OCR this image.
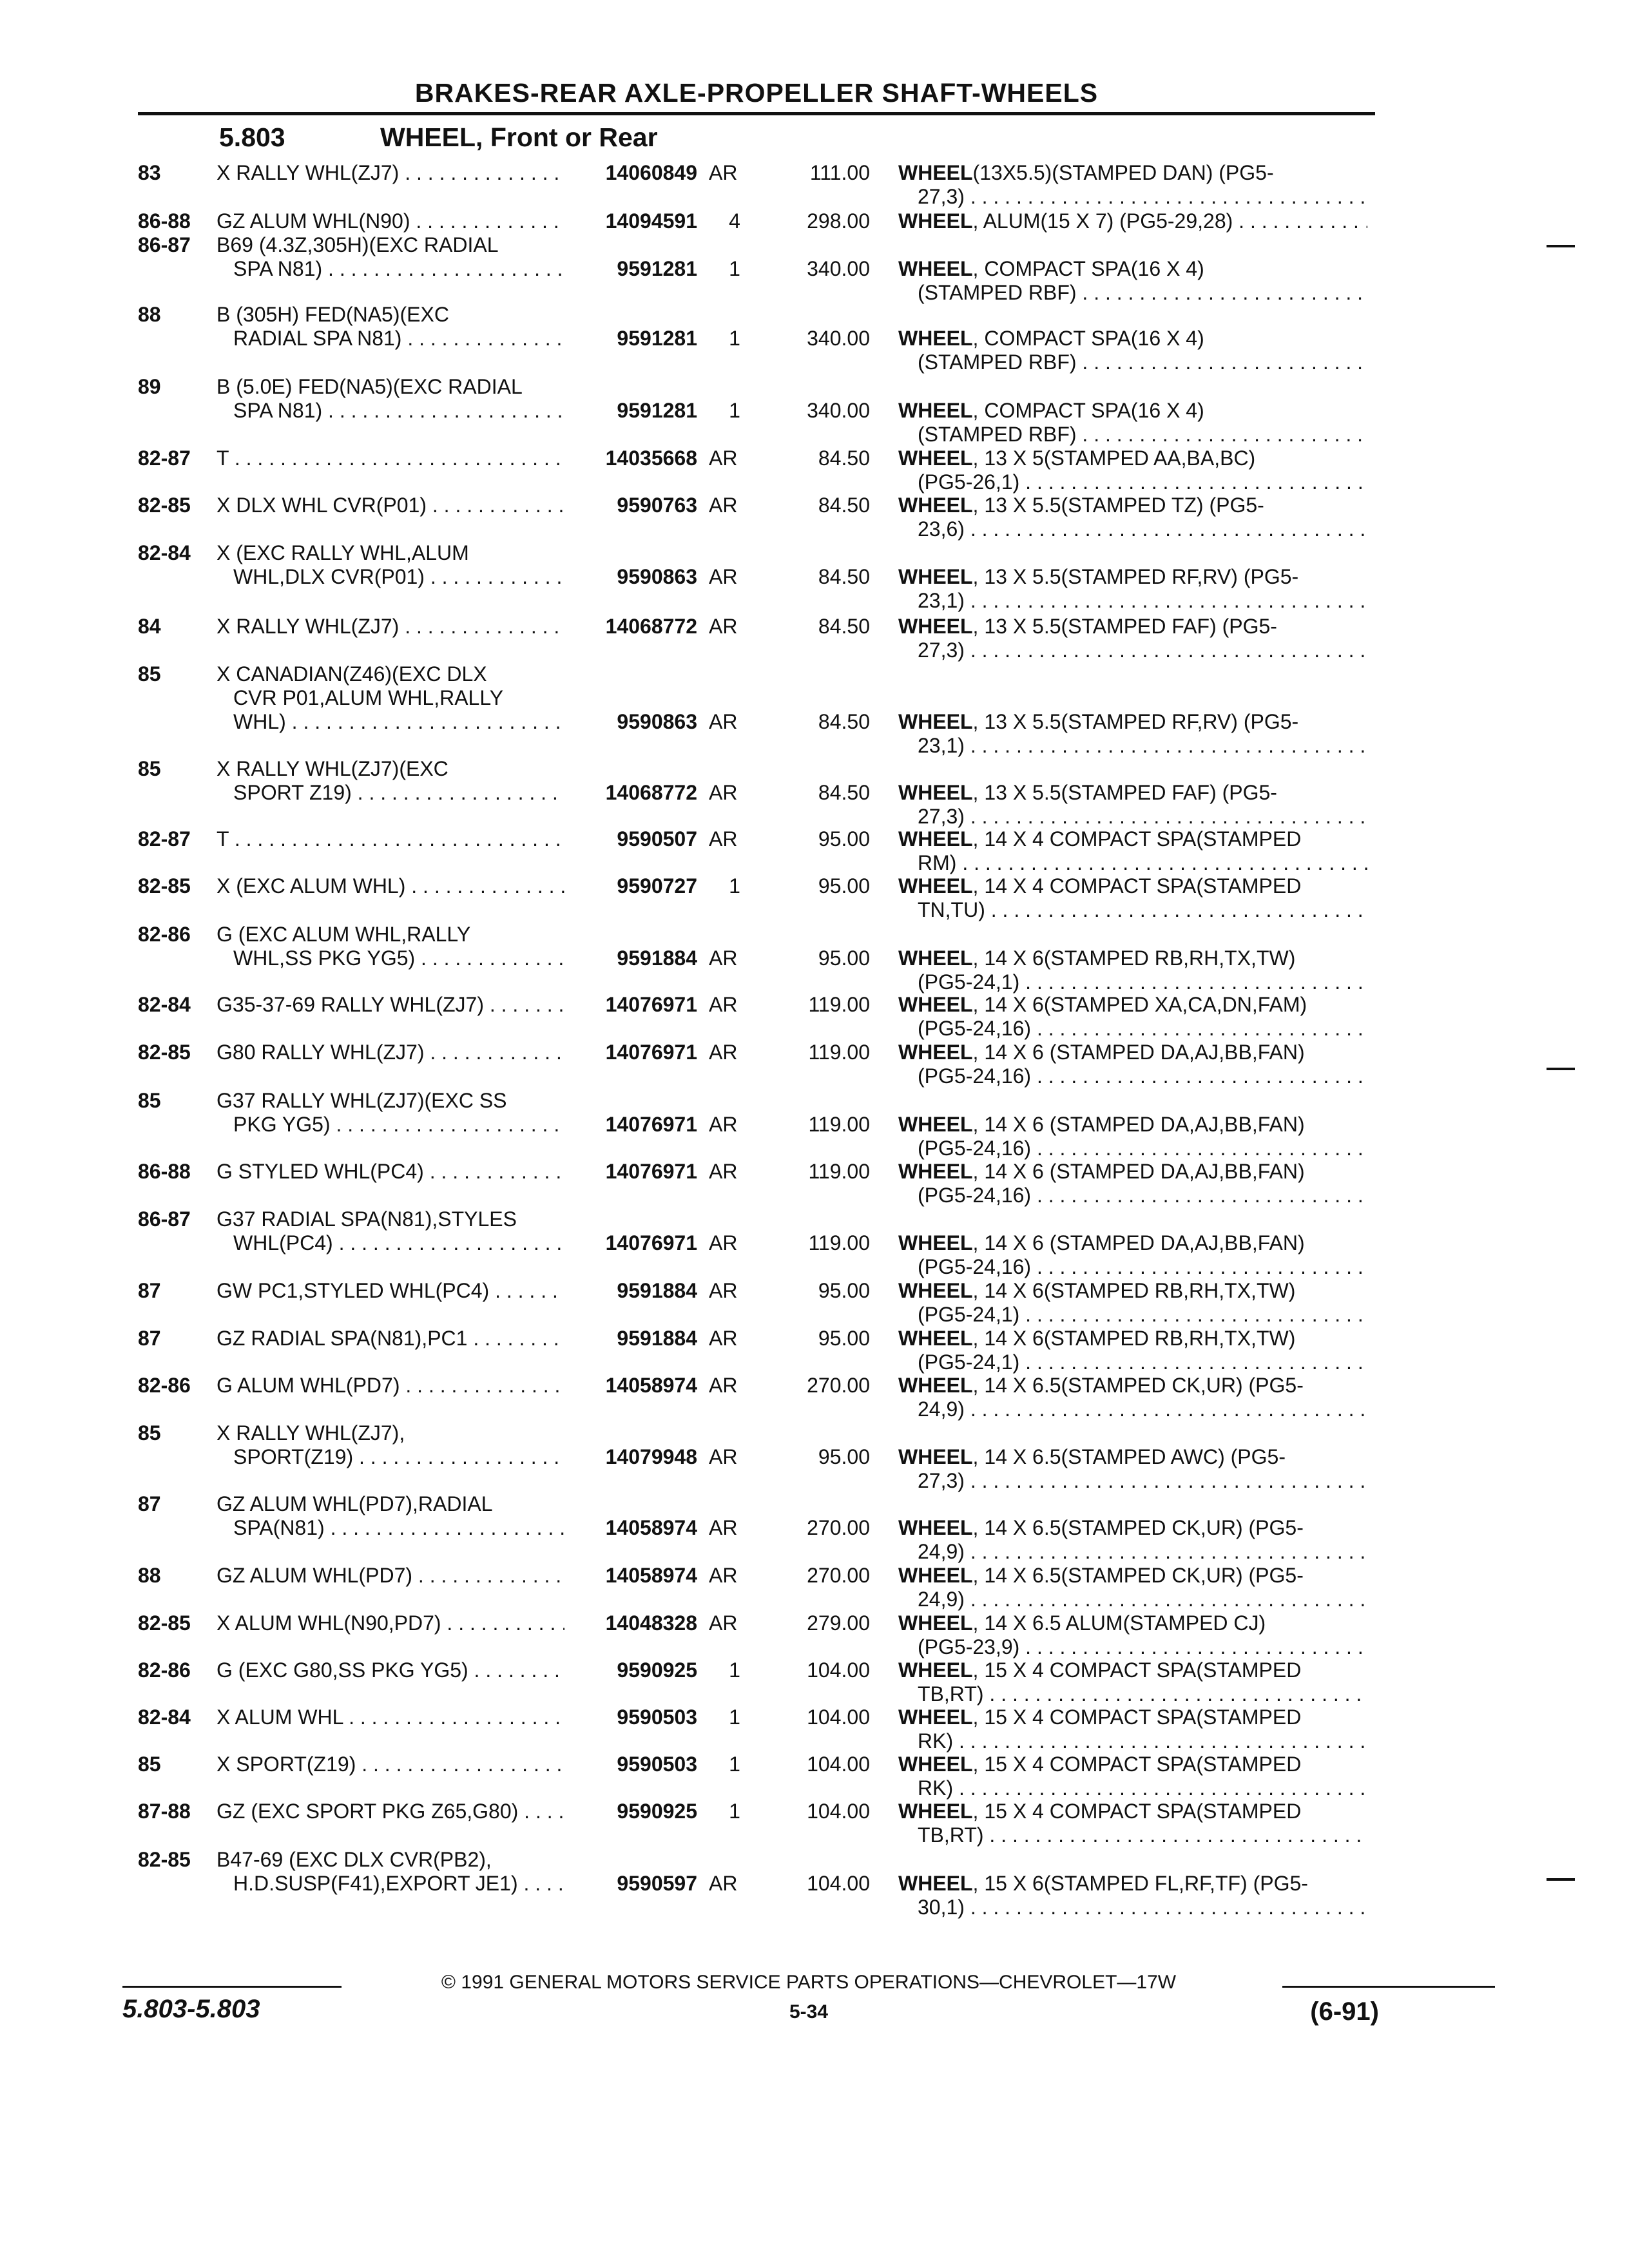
BRAKES-REAR AXLE-PROPELLER SHAFT-WHEELS
5.803	WHEEL, Front or Rear
83	X RALLY WHL(ZJ7) . . .	14060849 AR	111.00 WHEEL(13X5.5)(STAMPED DAN) (PG5-
27,3) . . .
86-88 GZ ALUM WHL(N90) . . .	14094591	4	298.00 WHEEL, ALUM(15 X 7) (PG5-29,28) . . .
86-87 B69 (4.3Z,305H)(EXC RADIAL
SPA N81) . . .	9591281	1	340.00 WHEEL, COMPACT SPA(16 X 4)
(STAMPED RBF) . . .
88	B (305H) FED(NA5)(EXC
RADIAL SPA N81) . . .	9591281	1	340.00 WHEEL, COMPACT SPA(16 X 4)
(STAMPED RBF) . . .
89	B (5.0E) FED(NA5)(EXC RADIAL
SPA N81) . . .	9591281	1	340.00 WHEEL, COMPACT SPA(16 X 4)
(STAMPED RBF) . . .
82-87 T . . .	14035668 AR	84.50 WHEEL, 13 X 5(STAMPED AA,BA,BC)
(PG5-26,1) . . .
82-85 X DLX WHL CVR(P01) . . .	9590763 AR	84.50 WHEEL, 13 X 5.5(STAMPED TZ) (PG5-
23,6) . . .
82-84 X (EXC RALLY WHL,ALUM
WHL,DLX CVR(P01) . . .	9590863 AR	84.50 WHEEL, 13 X 5.5(STAMPED RF,RV) (PG5-
23,1) . . .
84	X RALLY WHL(ZJ7) . . .	14068772 AR	84.50 WHEEL, 13 X 5.5(STAMPED FAF) (PG5-
27,3) . . .
85	X CANADIAN(Z46)(EXC DLX
CVR P01,ALUM WHL,RALLY
WHL) . . .	9590863 AR	84.50 WHEEL, 13 X 5.5(STAMPED RF,RV) (PG5-
23,1) . . .
85	X RALLY WHL(ZJ7)(EXC
SPORT Z19) . . .	14068772 AR	84.50 WHEEL, 13 X 5.5(STAMPED FAF) (PG5-
27,3) . . .
82-87 T . . .	9590507 AR	95.00 WHEEL, 14 X 4 COMPACT SPA(STAMPED
RM) . . .
82-85 X (EXC ALUM WHL) . . .	9590727	1	95.00 WHEEL, 14 X 4 COMPACT SPA(STAMPED
TN,TU) . . .
82-86 G (EXC ALUM WHL,RALLY
WHL,SS PKG YG5) . . .	9591884 AR	95.00 WHEEL, 14 X 6(STAMPED RB,RH,TX,TW)
(PG5-24,1) . . .
82-84 G35-37-69 RALLY WHL(ZJ7) . . .	14076971 AR	119.00 WHEEL, 14 X 6(STAMPED XA,CA,DN,FAM)
(PG5-24,16) . . .
82-85 G80 RALLY WHL(ZJ7) . . .	14076971 AR	119.00 WHEEL, 14 X 6 (STAMPED DA,AJ,BB,FAN)
(PG5-24,16) . . .
85	G37 RALLY WHL(ZJ7)(EXC SS
PKG YG5) . . .	14076971 AR	119.00 WHEEL, 14 X 6 (STAMPED DA,AJ,BB,FAN)
(PG5-24,16) . . .
86-88 G STYLED WHL(PC4) . . .	14076971 AR	119.00 WHEEL, 14 X 6 (STAMPED DA,AJ,BB,FAN)
(PG5-24,16) . . .
86-87 G37 RADIAL SPA(N81),STYLES
WHL(PC4) . . .	14076971 AR	119.00 WHEEL, 14 X 6 (STAMPED DA,AJ,BB,FAN)
(PG5-24,16) . . .
87	GW PC1,STYLED WHL(PC4) . . .	9591884 AR	95.00 WHEEL, 14 X 6(STAMPED RB,RH,TX,TW)
(PG5-24,1) . . .
87	GZ RADIAL SPA(N81),PC1 . . .	9591884 AR	95.00 WHEEL, 14 X 6(STAMPED RB,RH,TX,TW)
(PG5-24,1) . . .
82-86 G ALUM WHL(PD7) . . .	14058974 AR	270.00 WHEEL, 14 X 6.5(STAMPED CK,UR) (PG5-
24,9) . . .
85	X RALLY WHL(ZJ7),
SPORT(Z19) . . .	14079948 AR	95.00 WHEEL, 14 X 6.5(STAMPED AWC) (PG5-
27,3) . . .
87	GZ ALUM WHL(PD7),RADIAL
SPA(N81) . . .	14058974 AR	270.00 WHEEL, 14 X 6.5(STAMPED CK,UR) (PG5-
24,9) . . .
88	GZ ALUM WHL(PD7) . . .	14058974 AR	270.00 WHEEL, 14 X 6.5(STAMPED CK,UR) (PG5-
24,9) . . .
82-85 X ALUM WHL(N90,PD7) . . .	14048328 AR	279.00 WHEEL, 14 X 6.5 ALUM(STAMPED CJ)
(PG5-23,9) . . .
82-86 G (EXC G80,SS PKG YG5) . . .	9590925	1	104.00 WHEEL, 15 X 4 COMPACT SPA(STAMPED
TB,RT) . . .
82-84 X ALUM WHL . . .	9590503	1	104.00 WHEEL, 15 X 4 COMPACT SPA(STAMPED
RK) . . .
85	X SPORT(Z19) . . .	9590503	1	104.00 WHEEL, 15 X 4 COMPACT SPA(STAMPED
RK) . . .
87-88 GZ (EXC SPORT PKG Z65,G80) . . .	9590925	1	104.00 WHEEL, 15 X 4 COMPACT SPA(STAMPED
TB,RT) . . .
82-85 B47-69 (EXC DLX CVR(PB2),
H.D.SUSP(F41),EXPORT JE1) . . .	9590597 AR	104.00 WHEEL, 15 X 6(STAMPED FL,RF,TF) (PG5-
30,1) . . .
© 1991 GENERAL MOTORS SERVICE PARTS OPERATIONS—CHEVROLET—17W
5.803-5.803	5-34	(6-91)
